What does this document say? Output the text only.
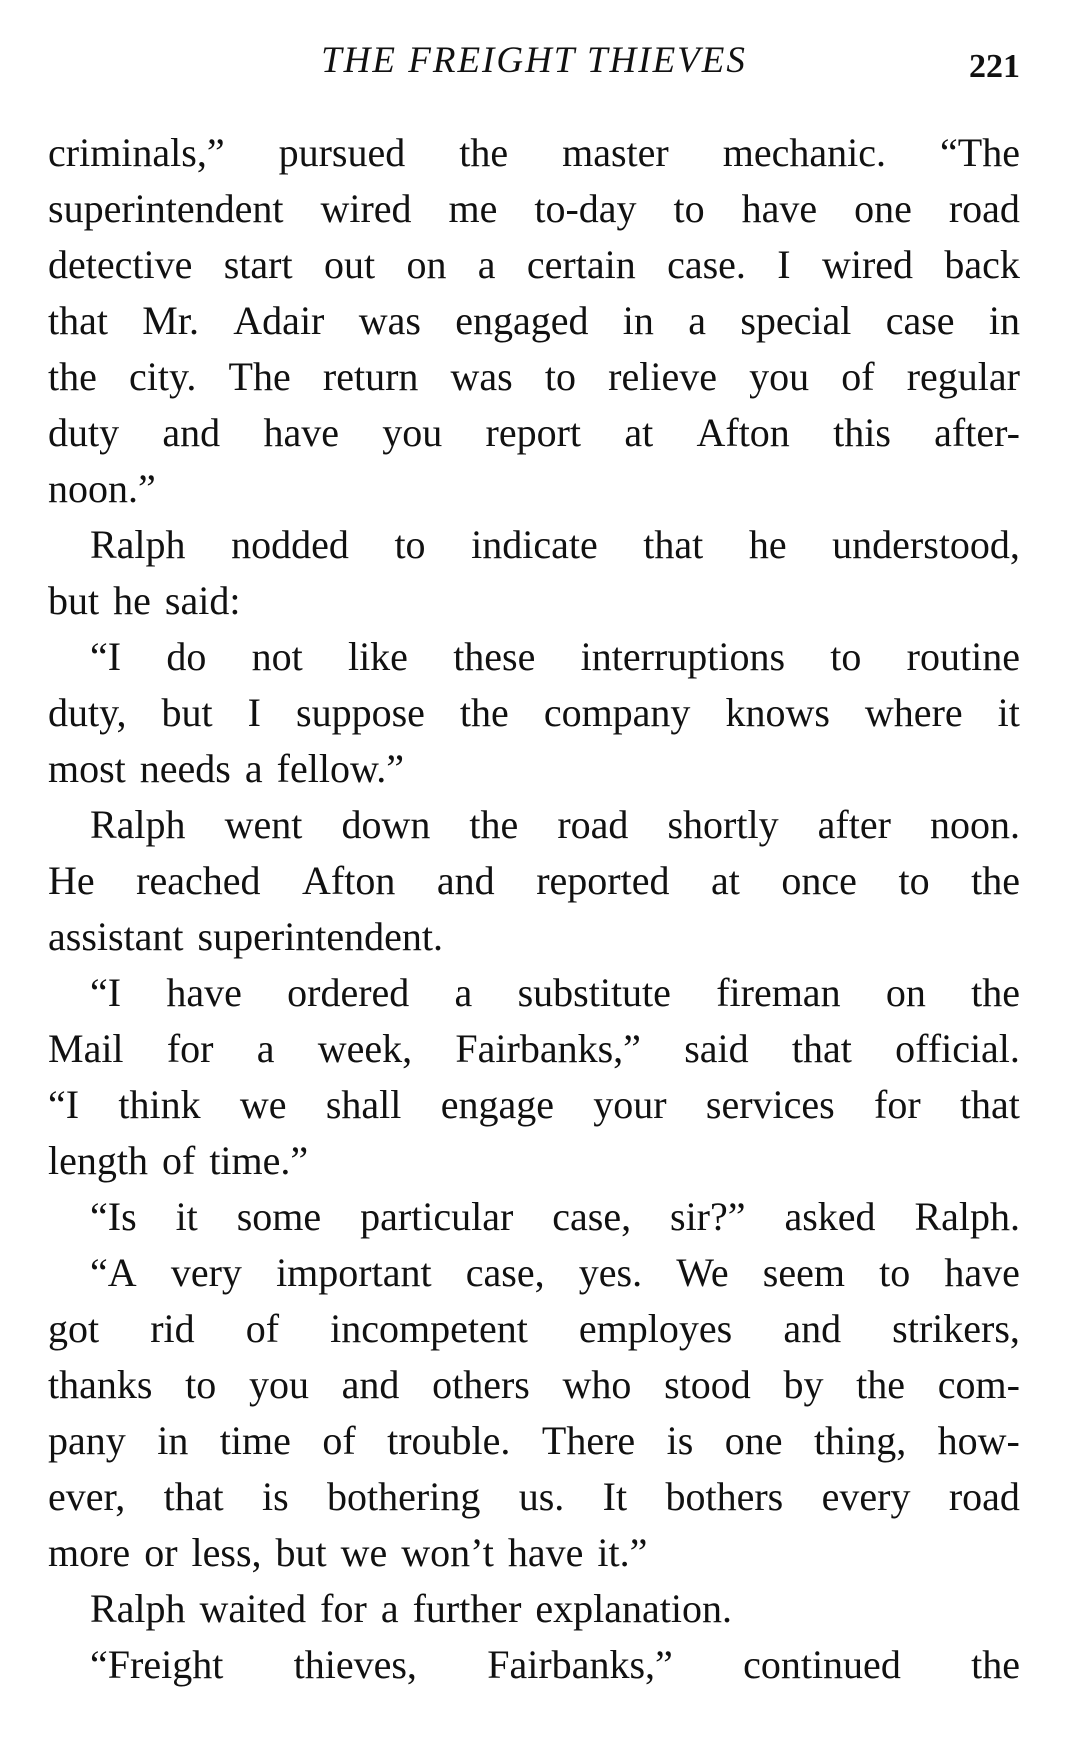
THE FREIGHT THIEVES	221
criminals,” pursued the master mechanic. “The
superintendent wired me to-day to have one road
detective start out on a certain case. I wired back
that Mr. Adair was engaged in a special case in
the city. The return was to relieve you of regular
duty and have you report at Afton this after-
noon.”
Ralph nodded to indicate that he understood,
but he said:
“I do not like these interruptions to routine
duty, but I suppose the company knows where it
most needs a fellow.”
Ralph went down the road shortly after noon.
He reached Afton and reported at once to the
assistant superintendent.
“I have ordered a substitute fireman on the
Mail for a week, Fairbanks,” said that official.
“I think we shall engage your services for that
length of time.”
“Is it some particular case, sir?” asked Ralph.
“A very important case, yes. We seem to have
got rid of incompetent employes and strikers,
thanks to you and others who stood by the com-
pany in time of trouble. There is one thing, how-
ever, that is bothering us. It bothers every road
more or less, but we won’t have it.”
Ralph waited for a further explanation.
“Freight thieves, Fairbanks,” continued the
